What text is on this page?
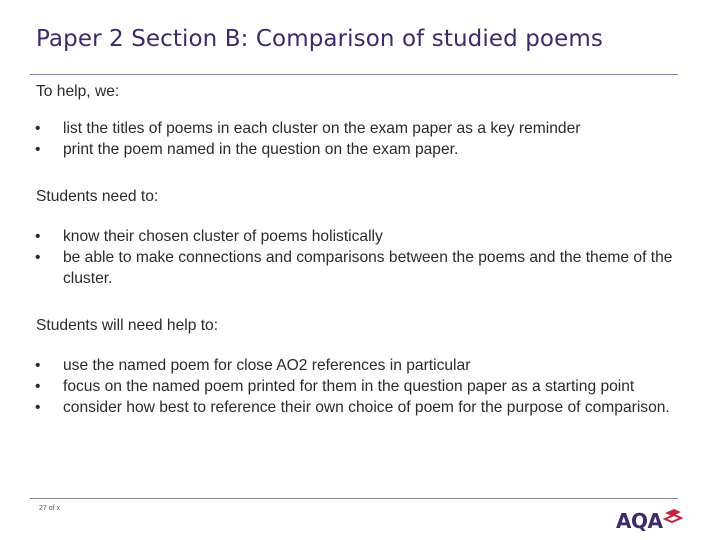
Paper 2 Section B: Comparison of studied poems

To help, we:

• list the titles of poems in each cluster on the exam paper as a key reminder
• print the poem named in the question on the exam paper.

Students need to:

• know their chosen cluster of poems holistically
• be able to make connections and comparisons between the poems and the theme of the cluster.

Students will need help to:

• use the named poem for close AO2 references in particular
• focus on the named poem printed for them in the question paper as a starting point
• consider how best to reference their own choice of poem for the purpose of comparison.
27 of x
AQA
